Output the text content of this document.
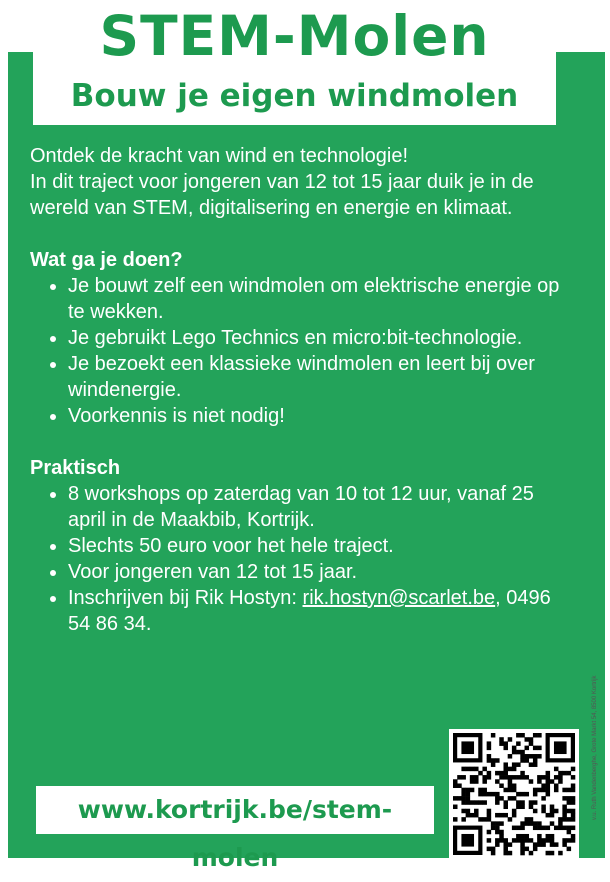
STEM-Molen
Bouw je eigen windmolen

Ontdek de kracht van wind en technologie!

In dit traject voor jongeren van 12 tot 15 jaar duik je in de wereld van STEM, digitalisering en energie en klimaat.

Wat ga je doen?

• Je bouwt zelf een windmolen om elektrische energie op te wekken.
• Je gebruikt Lego Technics en micro:bit-technologie.
• Je bezoekt een klassieke windmolen en leert bij over windenergie.
• Voorkennis is niet nodig!

Praktisch

• 8 workshops op zaterdag van 10 tot 12 uur, vanaf 25 april in de Maakbib, Kortrijk.
• Slechts 50 euro voor het hele traject.
• Voor jongeren van 12 tot 15 jaar.
• Inschrijven bij Rik Hostyn: rik.hostyn@scarlet.be, 0496 54 86 34.
www.kortrijk.be/stem-molen
v.u. Ruth Vandenberghe, Grote Markt 54, 8500 Kortrijk
